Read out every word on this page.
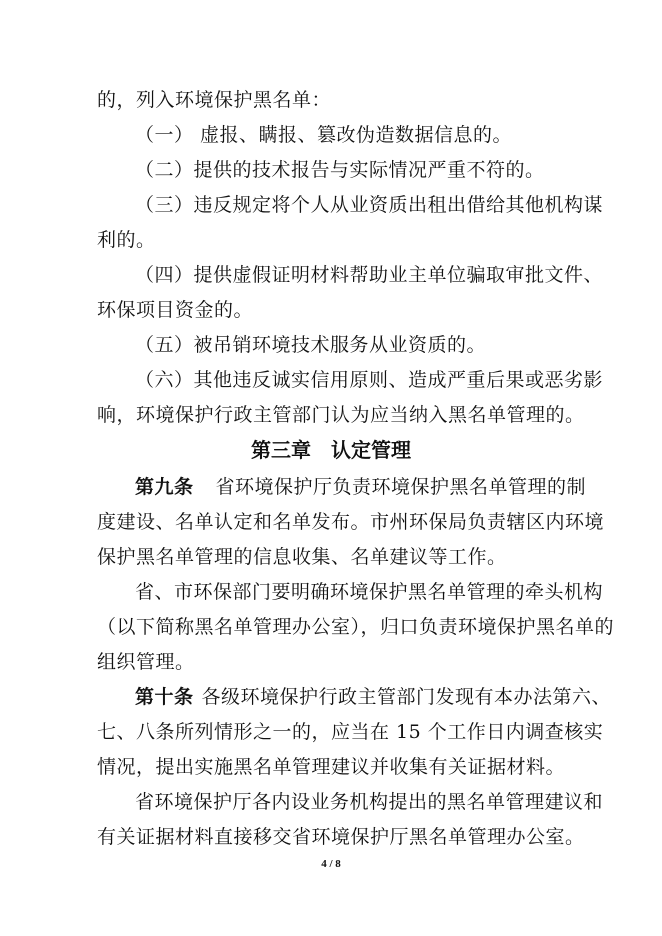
的，列入环境保护黑名单：
（一） 虚报、瞒报、篡改伪造数据信息的。
（二）提供的技术报告与实际情况严重不符的。
（三）违反规定将个人从业资质出租出借给其他机构谋
利的。
（四）提供虚假证明材料帮助业主单位骗取审批文件、
环保项目资金的。
（五）被吊销环境技术服务从业资质的。
（六）其他违反诚实信用原则、造成严重后果或恶劣影
响，环境保护行政主管部门认为应当纳入黑名单管理的。
第三章　认定管理
第九条 省环境保护厅负责环境保护黑名单管理的制
度建设、名单认定和名单发布。市州环保局负责辖区内环境
保护黑名单管理的信息收集、名单建议等工作。
省、市环保部门要明确环境保护黑名单管理的牵头机构
（以下简称黑名单管理办公室），归口负责环境保护黑名单的
组织管理。
第十条 各级环境保护行政主管部门发现有本办法第六、
七、八条所列情形之一的，应当在 15 个工作日内调查核实
情况，提出实施黑名单管理建议并收集有关证据材料。
省环境保护厅各内设业务机构提出的黑名单管理建议和
有关证据材料直接移交省环境保护厅黑名单管理办公室。
4 / 8
